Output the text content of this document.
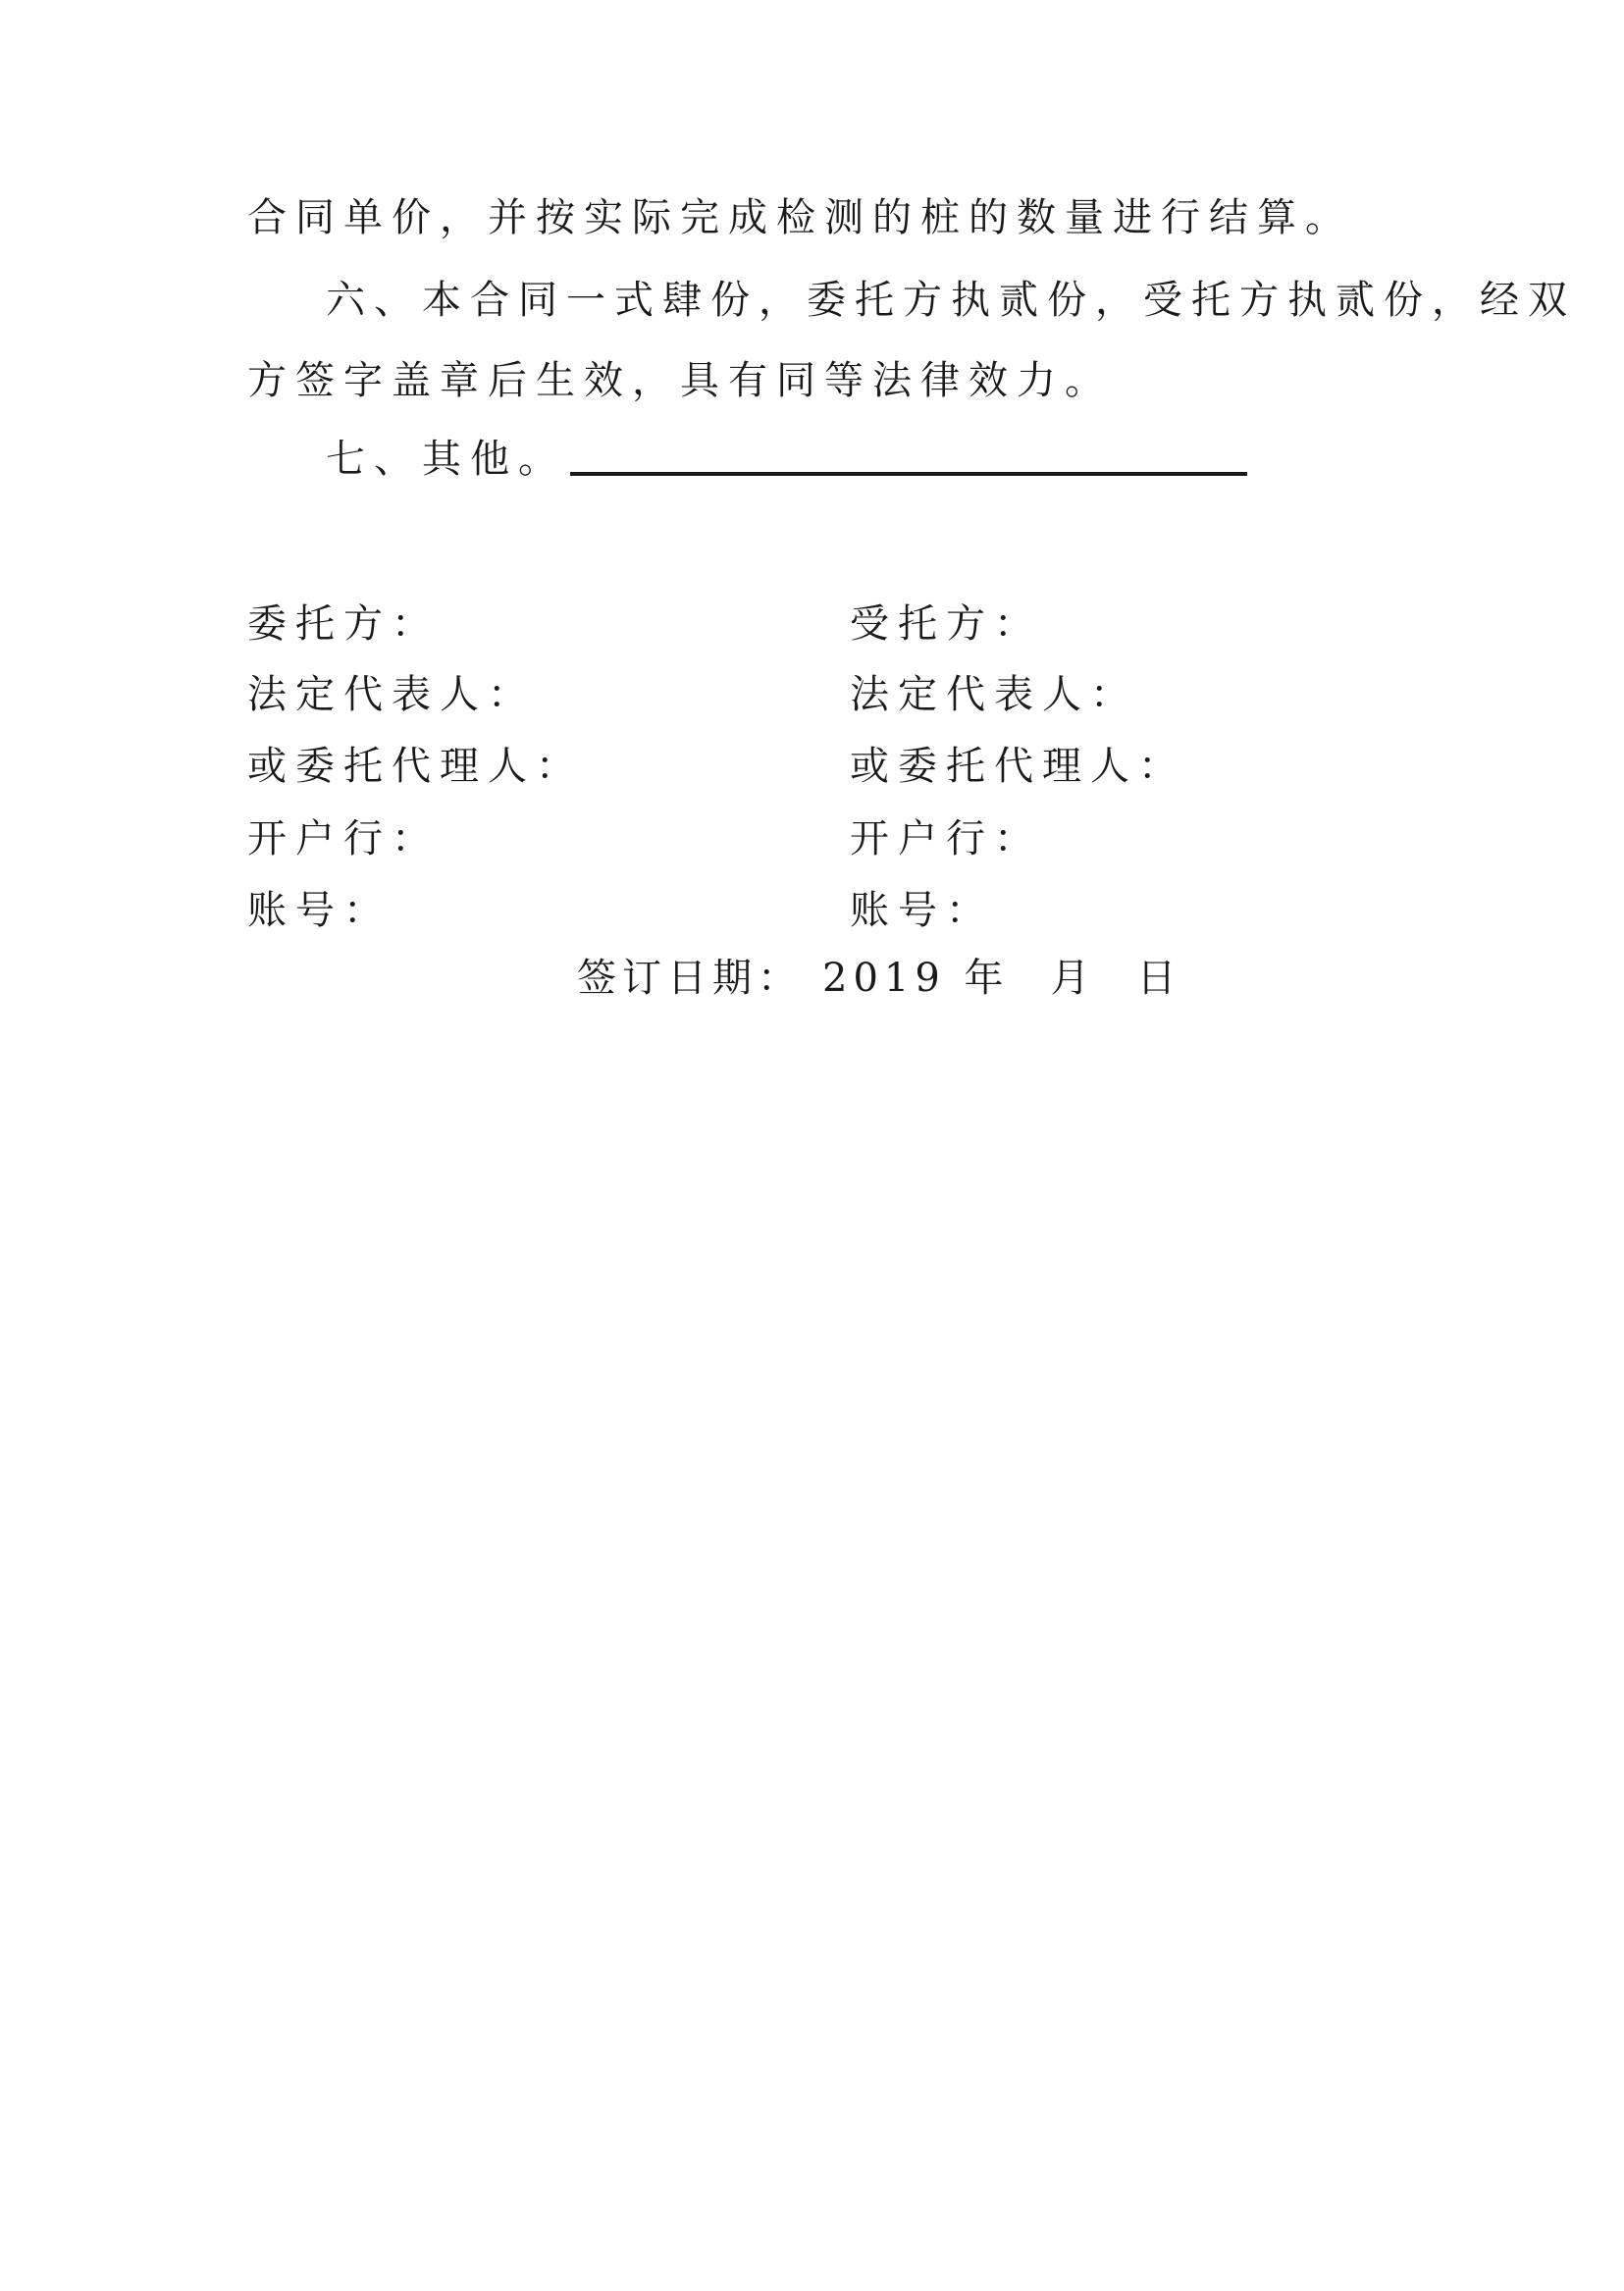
合同单价，并按实际完成检测的桩的数量进行结算。
六、本合同一式肆份，委托方执贰份，受托方执贰份，经双
方签字盖章后生效，具有同等法律效力。
七、其他。
委托方：
法定代表人：
或委托代理人：
开户行：
账号：
受托方：
法定代表人：
或委托代理人：
开户行：
账号：
签订日期： 2019 年 月 日
